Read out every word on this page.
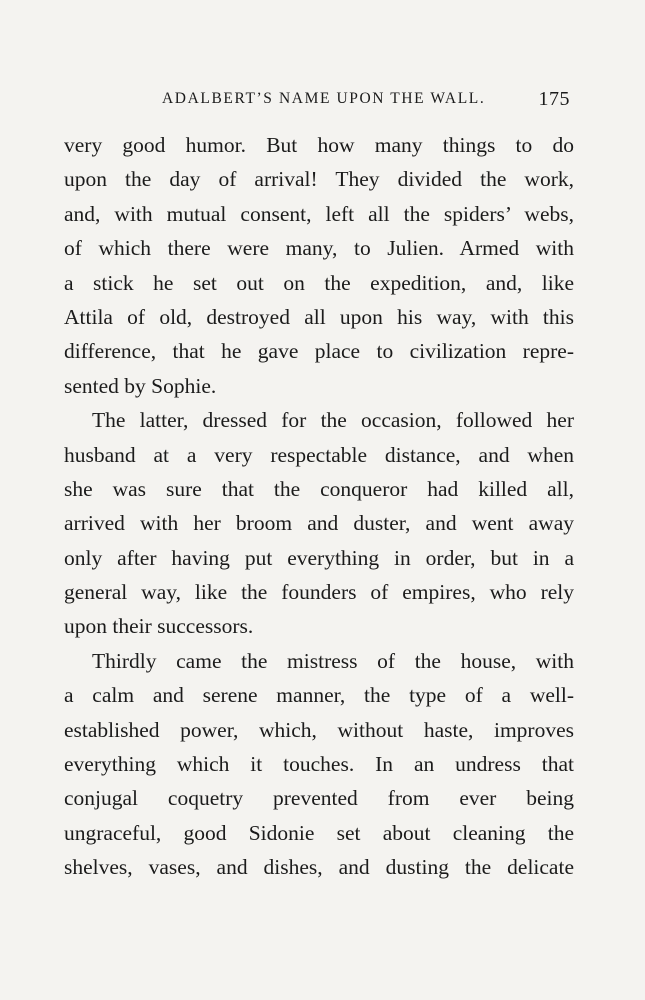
ADALBERT’S NAME UPON THE WALL.	175
very good humor. But how many things to do
upon the day of arrival! They divided the work,
and, with mutual consent, left all the spiders’ webs,
of which there were many, to Julien. Armed with
a stick he set out on the expedition, and, like
Attila of old, destroyed all upon his way, with this
difference, that he gave place to civilization repre-
sented by Sophie.
The latter, dressed for the occasion, followed her
husband at a very respectable distance, and when
she was sure that the conqueror had killed all,
arrived with her broom and duster, and went away
only after having put everything in order, but in a
general way, like the founders of empires, who rely
upon their successors.
Thirdly came the mistress of the house, with
a calm and serene manner, the type of a well-
established power, which, without haste, improves
everything which it touches. In an undress that
conjugal coquetry prevented from ever being
ungraceful, good Sidonie set about cleaning the
shelves, vases, and dishes, and dusting the delicate
